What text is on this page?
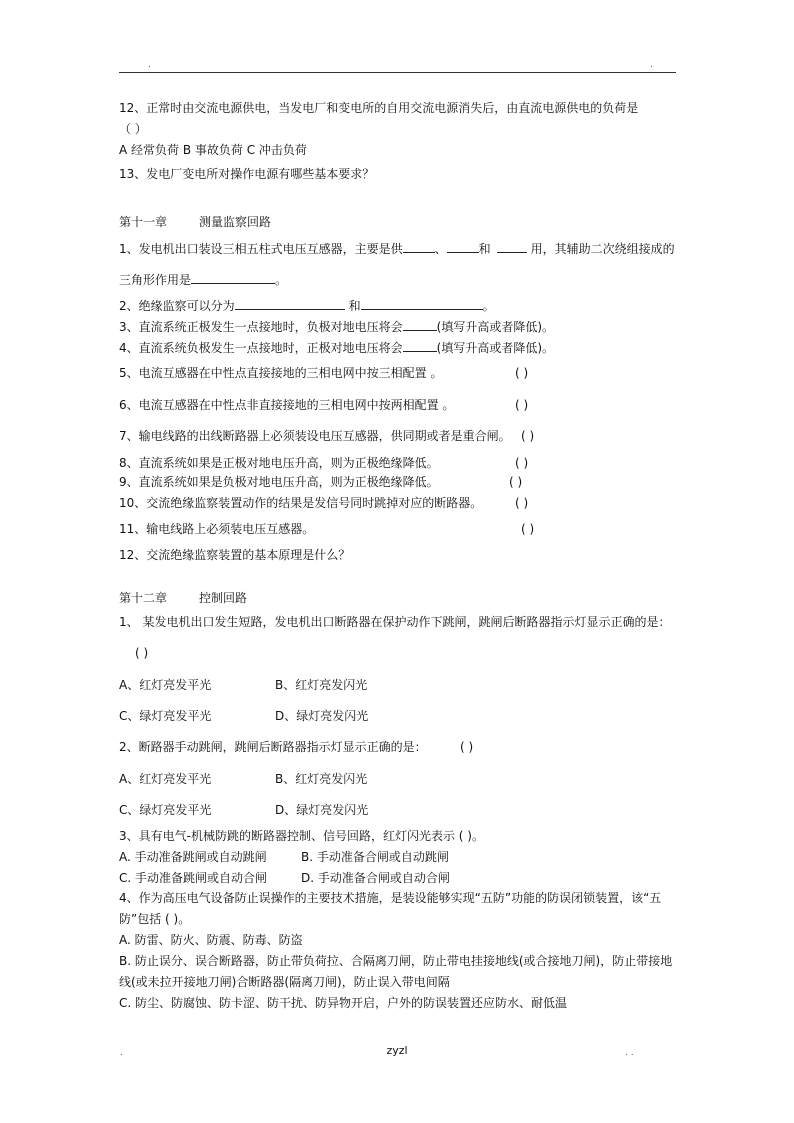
.	.
12、正常时由交流电源供电，当发电厂和变电所的自用交流电源消失后，由直流电源供电的负荷是
（ ）
A 经常负荷 B 事故负荷 C 冲击负荷
13、发电厂变电所对操作电源有哪些基本要求？
第十一章	测量监察回路
1、发电机出口装设三相五柱式电压互感器，主要是供	、	和	用，其辅助二次绕组接成的
三角形作用是	。
2、绝缘监察可以分为	和	。
3、直流系统正极发生一点接地时，负极对地电压将会	(填写升高或者降低)。
4、直流系统负极发生一点接地时，正极对地电压将会	(填写升高或者降低)。
5、电流互感器在中性点直接接地的三相电网中按三相配置 。	( )
6、电流互感器在中性点非直接接地的三相电网中按两相配置 。	( )
7、输电线路的出线断路器上必须装设电压互感器，供同期或者是重合闸。 ( )
8、直流系统如果是正极对地电压升高，则为正极绝缘降低。	( )
9、直流系统如果是负极对地电压升高，则为正极绝缘降低。	( )
10、交流绝缘监察装置动作的结果是发信号同时跳掉对应的断路器。	( )
11、输电线路上必须装电压互感器。	( )
12、交流绝缘监察装置的基本原理是什么？
第十二章	控制回路
1、 某发电机出口发生短路，发电机出口断路器在保护动作下跳闸，跳闸后断路器指示灯显示正确的是：
( )
A、红灯亮发平光	B、红灯亮发闪光
C、绿灯亮发平光	D、绿灯亮发闪光
2、断路器手动跳闸，跳闸后断路器指示灯显示正确的是：	( )
A、红灯亮发平光	B、红灯亮发闪光
C、绿灯亮发平光	D、绿灯亮发闪光
3、具有电气-机械防跳的断路器控制、信号回路，红灯闪光表示 ( )。
A. 手动准备跳闸或自动跳闸	B. 手动准备合闸或自动跳闸
C. 手动准备跳闸或自动合闸	D. 手动准备合闸或自动合闸
4、作为高压电气设备防止误操作的主要技术措施，是装设能够实现“五防”功能的防误闭锁装置，该“五
防”包括 ( )。
A. 防雷、防火、防震、防毒、防盗
B. 防止误分、误合断路器，防止带负荷拉、合隔离刀闸，防止带电挂接地线(或合接地刀闸)，防止带接地
线(或未拉开接地刀闸)合断路器(隔离刀闸)，防止误入带电间隔
C. 防尘、防腐蚀、防卡涩、防干扰、防异物开启，户外的防误装置还应防水、耐低温
.	zyzl	. .
